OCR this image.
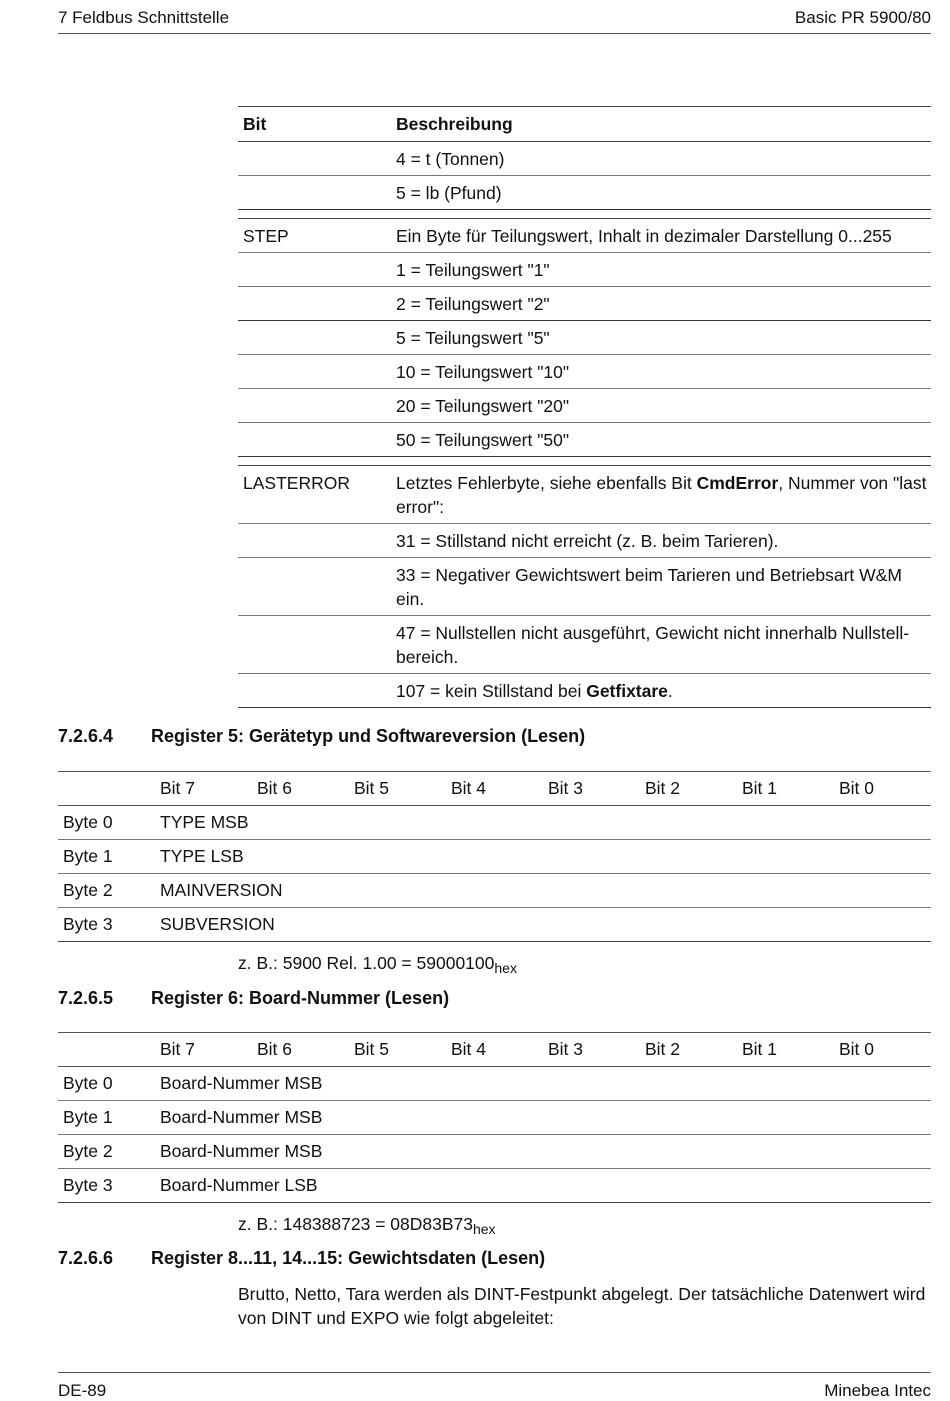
7 Feldbus Schnittstelle	Basic PR 5900/80
Bit	Beschreibung
	4 = t (Tonnen)
	5 = lb (Pfund)

STEP	Ein Byte für Teilungswert, Inhalt in dezimaler Darstellung 0...255
	1 = Teilungswert "1"
	2 = Teilungswert "2"
	5 = Teilungswert "5"
	10 = Teilungswert "10"
	20 = Teilungswert "20"
	50 = Teilungswert "50"

LASTERROR	Letztes Fehlerbyte, siehe ebenfalls Bit CmdError, Nummer von "last error":
	31 = Stillstand nicht erreicht (z. B. beim Tarieren).
	33 = Negativer Gewichtswert beim Tarieren und Betriebsart W&M ein.
	47 = Nullstellen nicht ausgeführt, Gewicht nicht innerhalb Nullstell-bereich.
	107 = kein Stillstand bei Getfixtare.
7.2.6.4 Register 5: Gerätetyp und Softwareversion (Lesen)
	Bit 7	Bit 6	Bit 5	Bit 4	Bit 3	Bit 2	Bit 1	Bit 0
Byte 0	TYPE MSB							
Byte 1	TYPE LSB							
Byte 2	MAINVERSION							
Byte 3	SUBVERSION							
z. B.: 5900 Rel. $1.00 = 59000100_{hex}$
7.2.6.5 Register 6: Board-Nummer (Lesen)
	Bit 7	Bit 6	Bit 5	Bit 4	Bit 3	Bit 2	Bit 1	Bit 0
Byte 0	Board-Nummer MSB							
Byte 1	Board-Nummer MSB							
Byte 2	Board-Nummer MSB							
Byte 3	Board-Nummer LSB							
z. B.: $148388723 = 08D83B73_{hex}$
7.2.6.6 Register 8...11, 14...15: Gewichtsdaten (Lesen)
Brutto, Netto, Tara werden als DINT-Festpunkt abgelegt. Der tatsächliche Datenwert wird von DINT und EXPO wie folgt abgeleitet:
DE-89	Minebea Intec
